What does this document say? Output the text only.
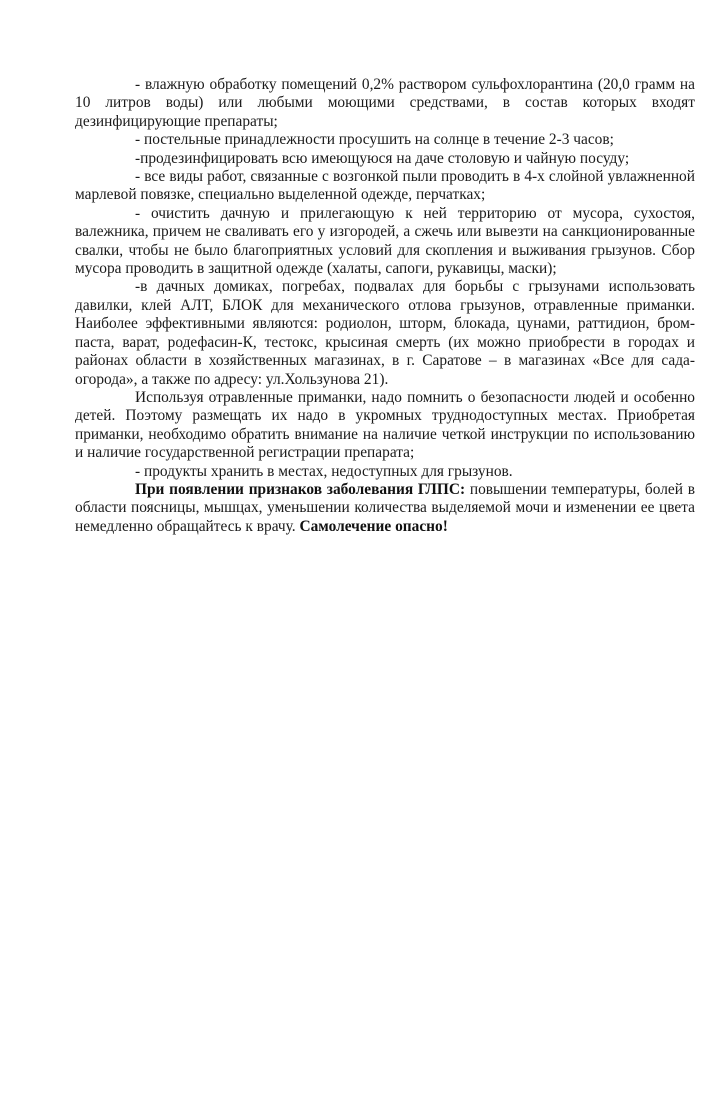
- влажную обработку помещений 0,2% раствором сульфохлорантина (20,0 грамм на 10 литров воды) или любыми моющими средствами, в состав которых входят дезинфицирующие препараты;

- постельные принадлежности просушить на солнце в течение 2-3 часов;

-продезинфицировать всю имеющуюся на даче столовую и чайную посуду;

- все виды работ, связанные с возгонкой пыли проводить в 4-х слойной увлажненной марлевой повязке, специально выделенной одежде, перчатках;

- очистить дачную и прилегающую к ней территорию от мусора, сухостоя, валежника, причем не сваливать его у изгородей, а сжечь или вывезти на санкционированные свалки, чтобы не было благоприятных условий для скопления и выживания грызунов. Сбор мусора проводить в защитной одежде (халаты, сапоги, рукавицы, маски);

-в дачных домиках, погребах, подвалах для борьбы с грызунами использовать давилки, клей АЛТ, БЛОК для механического отлова грызунов, отравленные приманки. Наиболее эффективными являются: родиолон, шторм, блокада, цунами, раттидион, бром-паста, варат, родефасин-К, тестокс, крысиная смерть (их можно приобрести в городах и районах области в хозяйственных магазинах, в г. Саратове – в магазинах «Все для сада-огорода», а также по адресу: ул.Хользунова 21).

Используя отравленные приманки, надо помнить о безопасности людей и особенно детей. Поэтому размещать их надо в укромных труднодоступных местах. Приобретая приманки, необходимо обратить внимание на наличие четкой инструкции по использованию и наличие государственной регистрации препарата;

- продукты хранить в местах, недоступных для грызунов.

При появлении признаков заболевания ГЛПС: повышении температуры, болей в области поясницы, мышцах, уменьшении количества выделяемой мочи и изменении ее цвета немедленно обращайтесь к врачу. Самолечение опасно!
